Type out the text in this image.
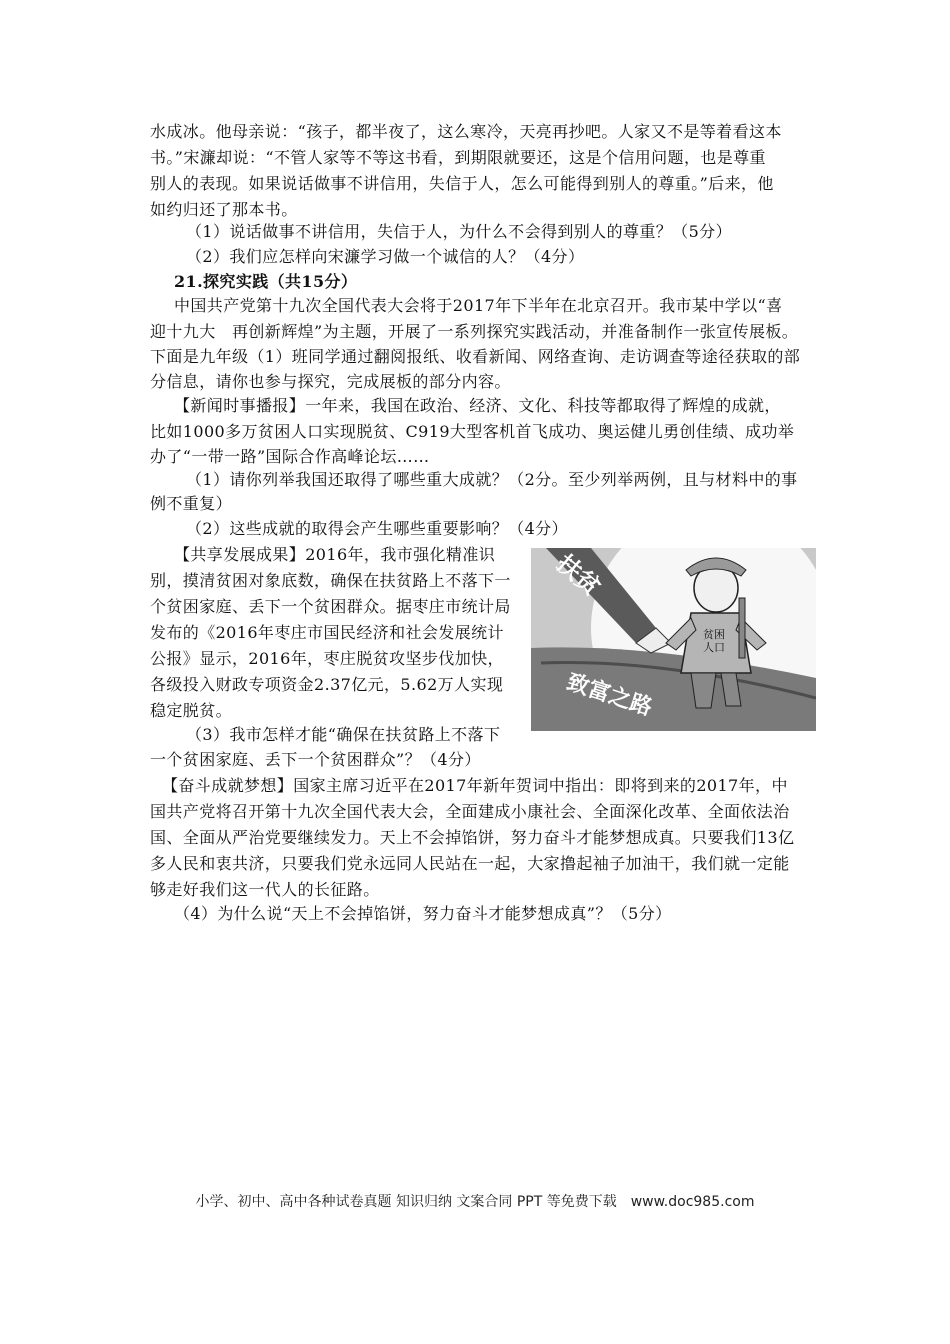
水成冰。他母亲说：“孩子，都半夜了，这么寒冷，天亮再抄吧。人家又不是等着看这本
书。”宋濂却说：“不管人家等不等这书看，到期限就要还，这是个信用问题，也是尊重
别人的表现。如果说话做事不讲信用，失信于人，怎么可能得到别人的尊重。”后来，他
如约归还了那本书。
（1）说话做事不讲信用，失信于人，为什么不会得到别人的尊重？（5分）
（2）我们应怎样向宋濂学习做一个诚信的人？（4分）
21.探究实践（共15分）
中国共产党第十九次全国代表大会将于2017年下半年在北京召开。我市某中学以“喜
迎十九大　再创新辉煌”为主题，开展了一系列探究实践活动，并准备制作一张宣传展板。
下面是九年级（1）班同学通过翻阅报纸、收看新闻、网络查询、走访调查等途径获取的部
分信息，请你也参与探究，完成展板的部分内容。
【新闻时事播报】一年来，我国在政治、经济、文化、科技等都取得了辉煌的成就，
比如1000多万贫困人口实现脱贫、C919大型客机首飞成功、奥运健儿勇创佳绩、成功举
办了“一带一路”国际合作高峰论坛……
（1）请你列举我国还取得了哪些重大成就？（2分。至少列举两例，且与材料中的事
例不重复）
（2）这些成就的取得会产生哪些重要影响？（4分）
【共享发展成果】2016年，我市强化精准识
别，摸清贫困对象底数，确保在扶贫路上不落下一
个贫困家庭、丢下一个贫困群众。据枣庄市统计局
发布的《2016年枣庄市国民经济和社会发展统计
公报》显示，2016年，枣庄脱贫攻坚步伐加快，
各级投入财政专项资金2.37亿元，5.62万人实现
稳定脱贫。
（3）我市怎样才能“确保在扶贫路上不落下
一个贫困家庭、丢下一个贫困群众”？（4分）
【奋斗成就梦想】国家主席习近平在2017年新年贺词中指出：即将到来的2017年，中
国共产党将召开第十九次全国代表大会，全面建成小康社会、全面深化改革、全面依法治
国、全面从严治党要继续发力。天上不会掉馅饼，努力奋斗才能梦想成真。只要我们13亿
多人民和衷共济，只要我们党永远同人民站在一起，大家撸起袖子加油干，我们就一定能
够走好我们这一代人的长征路。
（4）为什么说“天上不会掉馅饼，努力奋斗才能梦想成真”？（5分）
扶贫
贫困
人口
致富之路
小学、初中、高中各种试卷真题 知识归纳 文案合同 PPT 等免费下载　www.doc985.com
